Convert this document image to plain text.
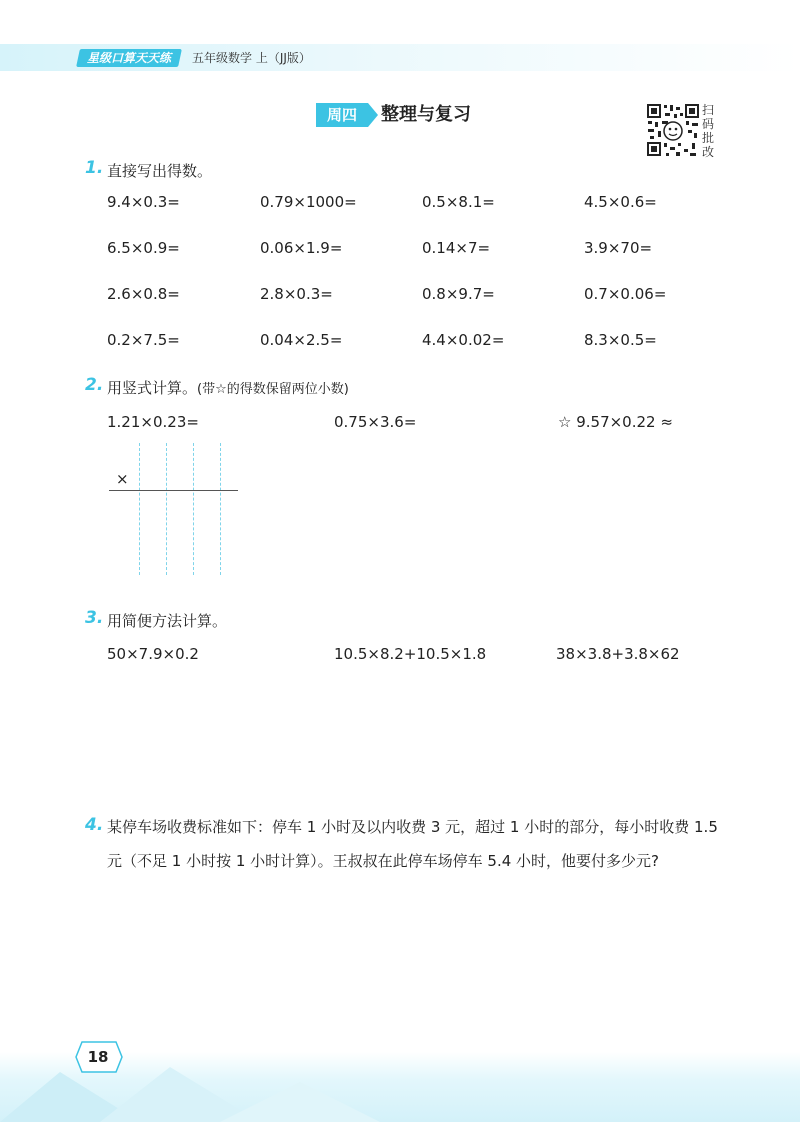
星级口算天天练	五年级数学 上（JJ版）
周四	整理与复习	扫码批改
1. 直接写出得数。
9.4×0.3=	0.79×1000=	0.5×8.1=	4.5×0.6=
6.5×0.9=	0.06×1.9=	0.14×7=	3.9×70=
2.6×0.8=	2.8×0.3=	0.8×9.7=	0.7×0.06=
0.2×7.5=	0.04×2.5=	4.4×0.02=	8.3×0.5=
2. 用竖式计算。(带☆的得数保留两位小数)
1.21×0.23=	0.75×3.6=	☆ 9.57×0.22 ≈
×
3. 用简便方法计算。
50×7.9×0.2	10.5×8.2+10.5×1.8	38×3.8+3.8×62
4. 某停车场收费标准如下：停车 1 小时及以内收费 3 元，超过 1 小时的部分，每小时收费 1.5 元（不足 1 小时按 1 小时计算）。王叔叔在此停车场停车 5.4 小时，他要付多少元?
18
